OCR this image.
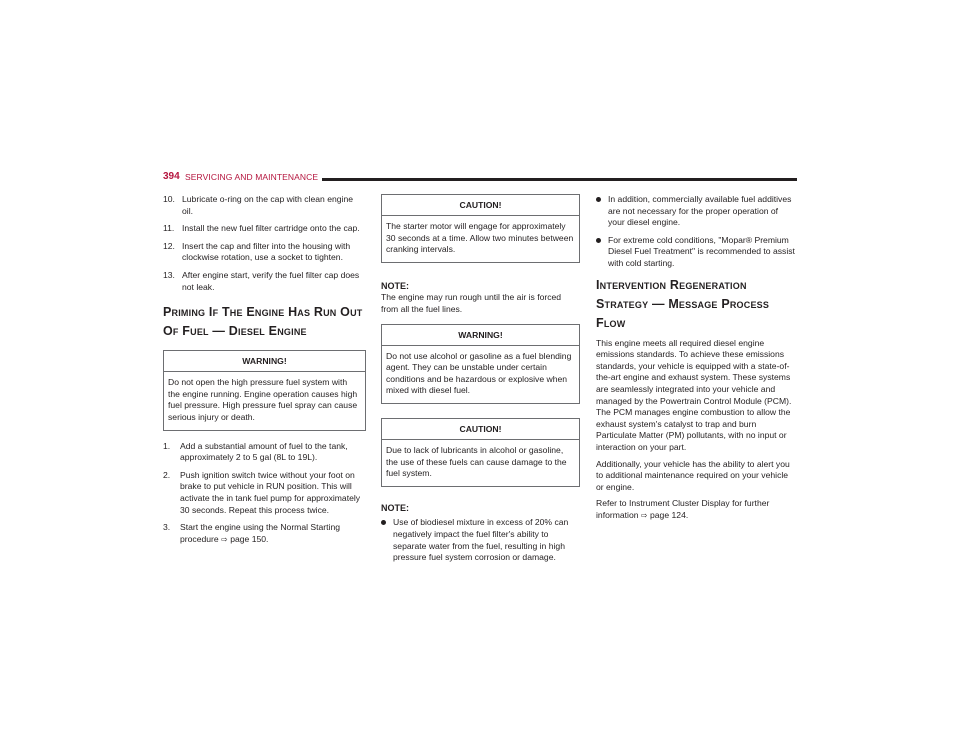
394 SERVICING AND MAINTENANCE
10. Lubricate o-ring on the cap with clean engine oil.
11. Install the new fuel filter cartridge onto the cap.
12. Insert the cap and filter into the housing with clockwise rotation, use a socket to tighten.
13. After engine start, verify the fuel filter cap does not leak.
Priming If The Engine Has Run Out
Of Fuel — Diesel Engine
WARNING!
Do not open the high pressure fuel system with the engine running. Engine operation causes high fuel pressure. High pressure fuel spray can cause serious injury or death.
1. Add a substantial amount of fuel to the tank, approximately 2 to 5 gal (8L to 19L).
2. Push ignition switch twice without your foot on brake to put vehicle in RUN position. This will activate the in tank fuel pump for approximately 30 seconds. Repeat this process twice.
3. Start the engine using the Normal Starting procedure ⇨ page 150.
CAUTION!
The starter motor will engage for approximately 30 seconds at a time. Allow two minutes between cranking intervals.
NOTE:

The engine may run rough until the air is forced from all the fuel lines.

WARNING!
Do not use alcohol or gasoline as a fuel blending agent. They can be unstable under certain conditions and be hazardous or explosive when mixed with diesel fuel.
CAUTION!
Due to lack of lubricants in alcohol or gasoline, the use of these fuels can cause damage to the fuel system.
NOTE:
Use of biodiesel mixture in excess of 20% can negatively impact the fuel filter's ability to separate water from the fuel, resulting in high pressure fuel system corrosion or damage.
In addition, commercially available fuel additives are not necessary for the proper operation of your diesel engine.
For extreme cold conditions, "Mopar® Premium Diesel Fuel Treatment" is recommended to assist with cold starting.
Intervention Regeneration
Strategy — Message Process Flow

This engine meets all required diesel engine emissions standards. To achieve these emissions standards, your vehicle is equipped with a state-of-the-art engine and exhaust system. These systems are seamlessly integrated into your vehicle and managed by the Powertrain Control Module (PCM). The PCM manages engine combustion to allow the exhaust system's catalyst to trap and burn Particulate Matter (PM) pollutants, with no input or interaction on your part.

Additionally, your vehicle has the ability to alert you to additional maintenance required on your vehicle or engine.

Refer to Instrument Cluster Display for further information ⇨ page 124.
